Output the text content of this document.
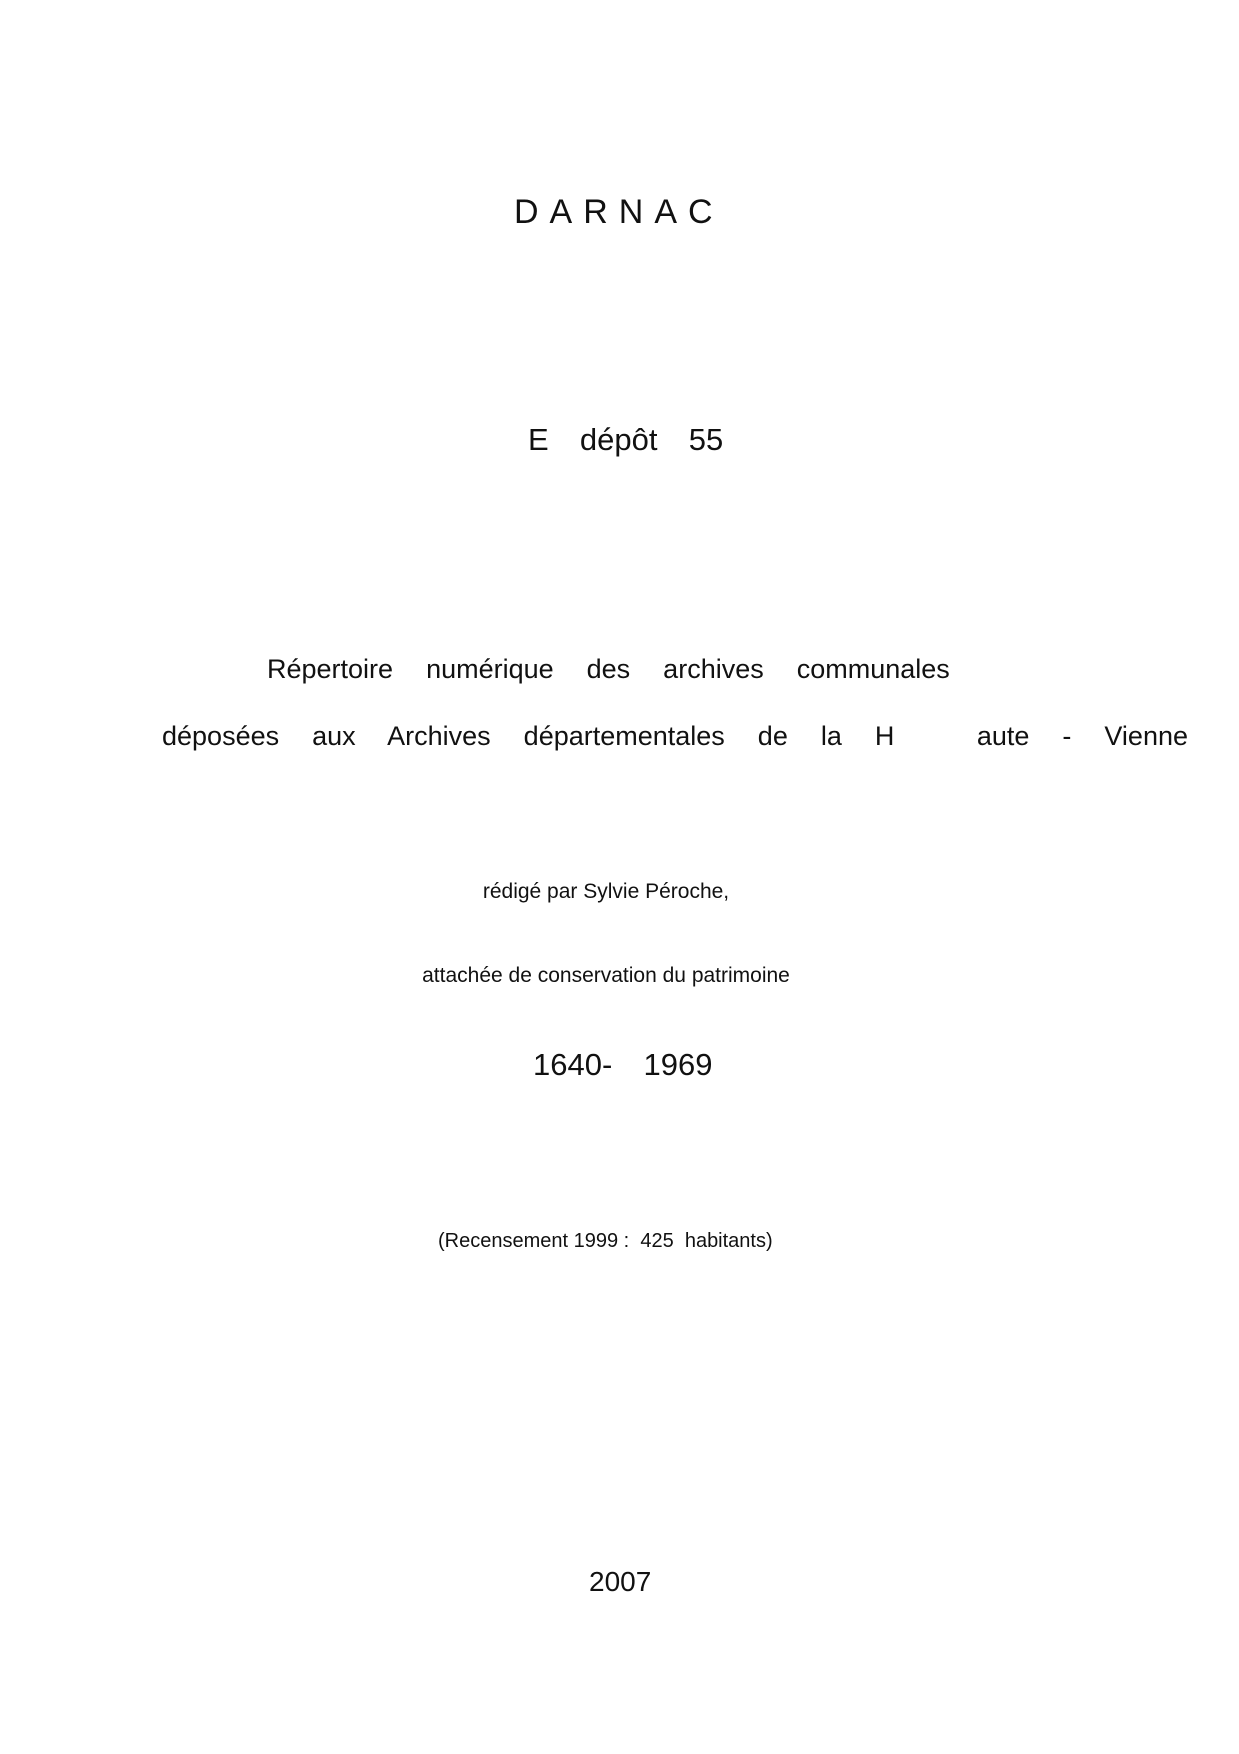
DARNAC

E  dépôt  55

Répertoire  numérique  des  archives  communales

déposées  aux  Archives  départementales  de  la  H     aute  -  Vienne

rédigé par Sylvie Péroche,

attachée de conservation du patrimoine

1640-  1969

(Recensement 1999 :  425  habitants)

2007
